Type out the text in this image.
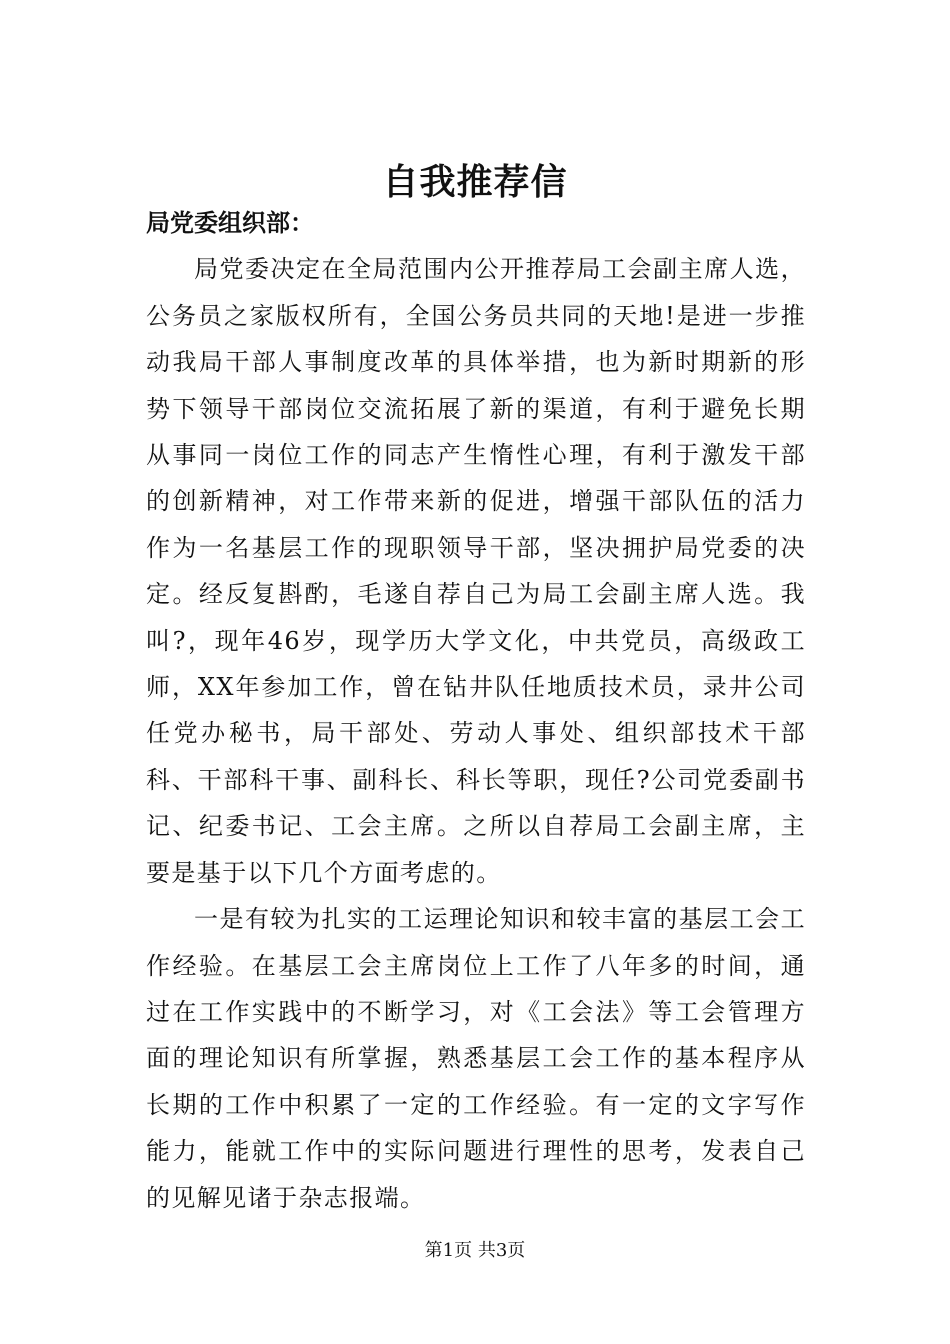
自我推荐信

局党委组织部：

局党委决定在全局范围内公开推荐局工会副主席人选，公务员之家版权所有，全国公务员共同的天地!是进一步推动我局干部人事制度改革的具体举措，也为新时期新的形势下领导干部岗位交流拓展了新的渠道，有利于避免长期从事同一岗位工作的同志产生惰性心理，有利于激发干部的创新精神，对工作带来新的促进，增强干部队伍的活力作为一名基层工作的现职领导干部，坚决拥护局党委的决定。经反复斟酌，毛遂自荐自己为局工会副主席人选。我叫?，现年46岁，现学历大学文化，中共党员，高级政工师，XX年参加工作，曾在钻井队任地质技术员，录井公司任党办秘书，局干部处、劳动人事处、组织部技术干部科、干部科干事、副科长、科长等职，现任?公司党委副书记、纪委书记、工会主席。之所以自荐局工会副主席，主要是基于以下几个方面考虑的。

一是有较为扎实的工运理论知识和较丰富的基层工会工作经验。在基层工会主席岗位上工作了八年多的时间，通过在工作实践中的不断学习，对《工会法》等工会管理方面的理论知识有所掌握，熟悉基层工会工作的基本程序从长期的工作中积累了一定的工作经验。有一定的文字写作能力，能就工作中的实际问题进行理性的思考，发表自己的见解见诸于杂志报端。

第1页 共3页
